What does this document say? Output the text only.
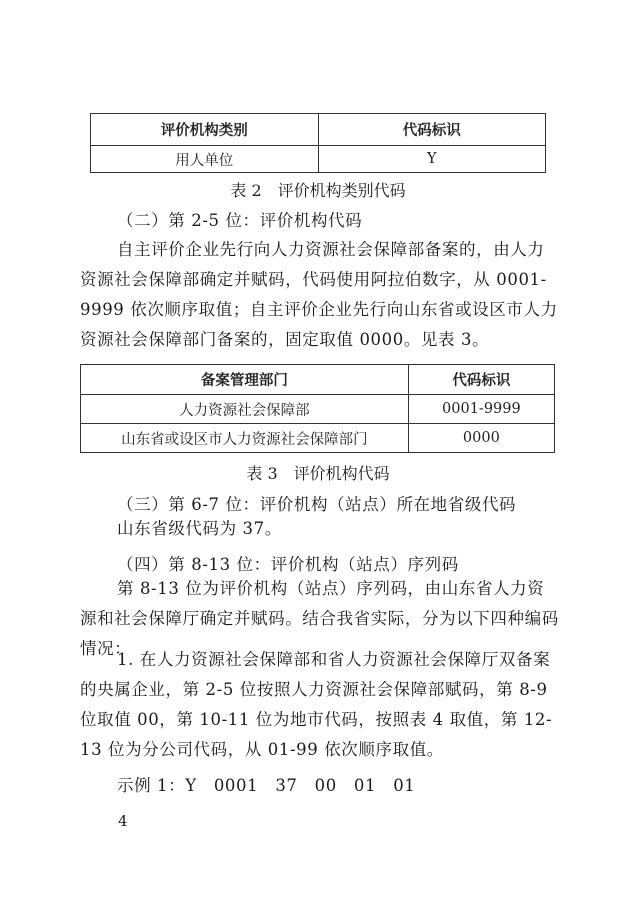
评价机构类别	代码标识
用人单位	Y
表 2　评价机构类别代码
（二）第 2-5 位：评价机构代码
自主评价企业先行向人力资源社会保障部备案的，由人力资源社会保障部确定并赋码，代码使用阿拉伯数字，从 0001-9999 依次顺序取值；自主评价企业先行向山东省或设区市人力资源社会保障部门备案的，固定取值 0000。见表 3。
备案管理部门	代码标识
人力资源社会保障部	0001-9999
山东省或设区市人力资源社会保障部门	0000
表 3　评价机构代码
（三）第 6-7 位：评价机构（站点）所在地省级代码
山东省级代码为 37。
（四）第 8-13 位：评价机构（站点）序列码
第 8-13 位为评价机构（站点）序列码，由山东省人力资源和社会保障厅确定并赋码。结合我省实际，分为以下四种编码情况：
1. 在人力资源社会保障部和省人力资源社会保障厅双备案的央属企业，第 2-5 位按照人力资源社会保障部赋码，第 8-9 位取值 00，第 10-11 位为地市代码，按照表 4 取值，第 12-13 位为分公司代码，从 01-99 依次顺序取值。
示例 1：Y　0001　37　00　01　01
4
